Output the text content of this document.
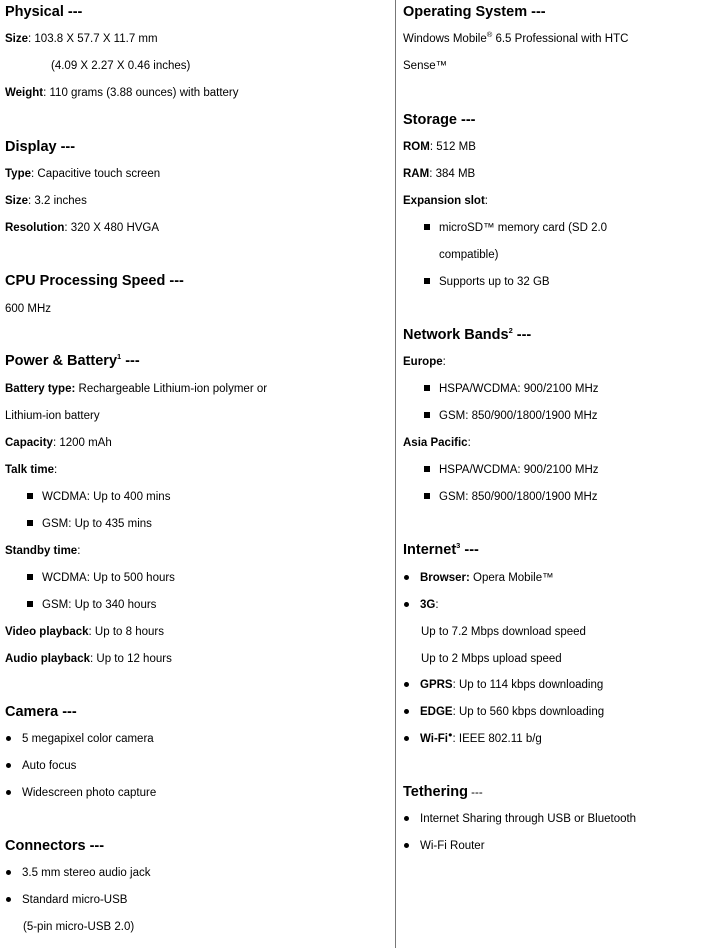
Physical ---
Size: 103.8 X 57.7 X 11.7 mm
(4.09 X 2.27 X 0.46 inches)
Weight: 110 grams (3.88 ounces) with battery
Display ---
Type: Capacitive touch screen
Size: 3.2 inches
Resolution: 320 X 480 HVGA
CPU Processing Speed ---
600 MHz
Power & Battery$^1$ ---
Battery type: Rechargeable Lithium-ion polymer or
Lithium-ion battery
Capacity: 1200 mAh
Talk time:
WCDMA: Up to 400 mins
GSM: Up to 435 mins
Standby time:
WCDMA: Up to 500 hours
GSM: Up to 340 hours
Video playback: Up to 8 hours
Audio playback: Up to 12 hours
Camera ---
5 megapixel color camera
Auto focus
Widescreen photo capture
Connectors ---
3.5 mm stereo audio jack
Standard micro-USB
(5-pin micro-USB 2.0)
Operating System ---
Windows Mobile® 6.5 Professional with HTC
Sense™
Storage ---
ROM: 512 MB
RAM: 384 MB
Expansion slot:
microSD™ memory card (SD 2.0
compatible)
Supports up to 32 GB
Network Bands$^2$ ---
Europe:
HSPA/WCDMA: 900/2100 MHz
GSM: 850/900/1800/1900 MHz
Asia Pacific:
HSPA/WCDMA: 900/2100 MHz
GSM: 850/900/1800/1900 MHz
Internet$^3$ ---
Browser: Opera Mobile™
3G:
Up to 7.2 Mbps download speed
Up to 2 Mbps upload speed
GPRS: Up to 114 kbps downloading
EDGE: Up to 560 kbps downloading
Wi-Fi●: IEEE 802.11 b/g
Tethering ---
Internet Sharing through USB or Bluetooth
Wi-Fi Router
